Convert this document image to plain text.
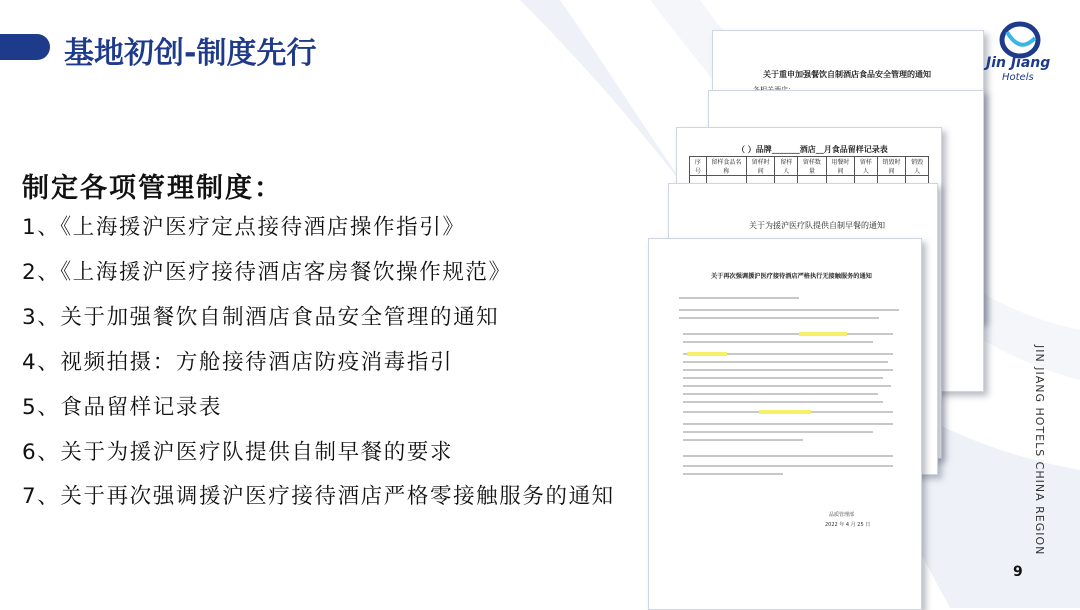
基地初创-制度先行	Jin Jiang
Hotels
制定各项管理制度：
1、《上海援沪医疗定点接待酒店操作指引》
2、《上海援沪医疗接待酒店客房餐饮操作规范》
3、关于加强餐饮自制酒店食品安全管理的通知
4、视频拍摄：方舱接待酒店防疫消毒指引
5、食品留样记录表
6、关于为援沪医疗队提供自制早餐的要求
7、关于再次强调援沪医疗接待酒店严格零接触服务的通知
关于重申加强餐饮自制酒店食品安全管理的通知
（ ）品牌_______酒店__月食品留样记录表
序号	留样食品名称	留样时间	留样人	留样数量	用餐时间	留样人	销毁时间	销毁人

关于为援沪医疗队提供自制早餐的通知
关于再次强调援沪医疗接待酒店严格执行无接触服务的通知
品质管理部
2022 年 4 月 25 日	JIN JIANG HOTELS CHINA REGION
9
